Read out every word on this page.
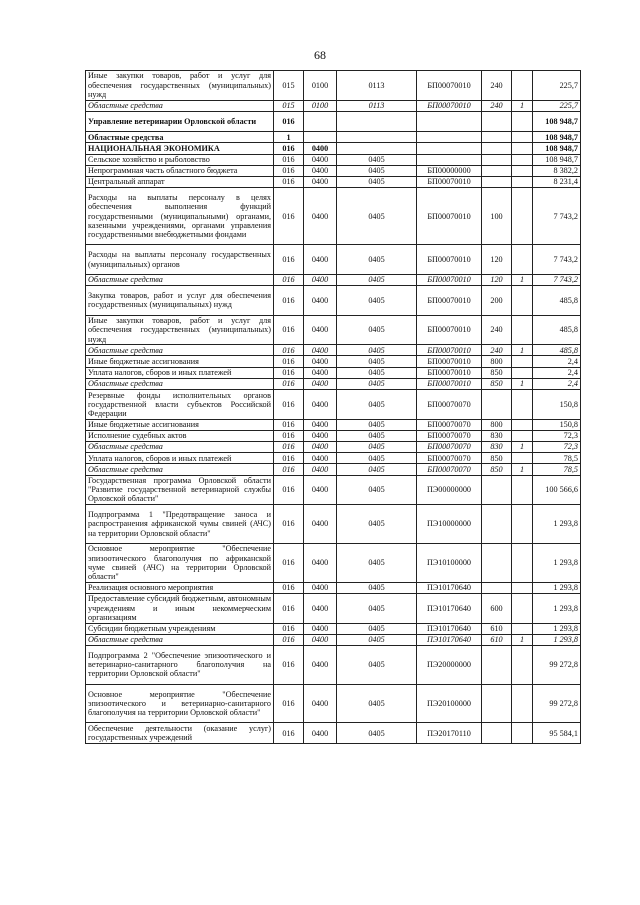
68
Иные закупки товаров, работ и услуг для обеспечения государственных (муниципальных) нужд	015	0100	0113	БП00070010	240		225,7
Областные средства	015	0100	0113	БП00070010	240	1	225,7
Управление ветеринарии Орловской области	016						108 948,7
Областные средства	1						108 948,7
НАЦИОНАЛЬНАЯ ЭКОНОМИКА	016	0400					108 948,7
Сельское хозяйство и рыболовство	016	0400	0405				108 948,7
Непрограммная часть областного бюджета	016	0400	0405	БП00000000			8 382,2
Центральный аппарат	016	0400	0405	БП00070010			8 231,4
Расходы на выплаты персоналу в целях обеспечения выполнения функций государственными (муниципальными) органами, казенными учреждениями, органами управления государственными внебюджетными фондами	016	0400	0405	БП00070010	100		7 743,2
Расходы на выплаты персоналу государственных (муниципальных) органов	016	0400	0405	БП00070010	120		7 743,2
Областные средства	016	0400	0405	БП00070010	120	1	7 743,2
Закупка товаров, работ и услуг для обеспечения государственных (муниципальных) нужд	016	0400	0405	БП00070010	200		485,8
Иные закупки товаров, работ и услуг для обеспечения государственных (муниципальных) нужд	016	0400	0405	БП00070010	240		485,8
Областные средства	016	0400	0405	БП00070010	240	1	485,8
Иные бюджетные ассигнования	016	0400	0405	БП00070010	800		2,4
Уплата налогов, сборов и иных платежей	016	0400	0405	БП00070010	850		2,4
Областные средства	016	0400	0405	БП00070010	850	1	2,4
Резервные фонды исполнительных органов государственной власти субъектов Российской Федерации	016	0400	0405	БП00070070			150,8
Иные бюджетные ассигнования	016	0400	0405	БП00070070	800		150,8
Исполнение судебных актов	016	0400	0405	БП00070070	830		72,3
Областные средства	016	0400	0405	БП00070070	830	1	72,3
Уплата налогов, сборов и иных платежей	016	0400	0405	БП00070070	850		78,5
Областные средства	016	0400	0405	БП00070070	850	1	78,5
Государственная программа Орловской области "Развитие государственной ветеринарной службы Орловской области"	016	0400	0405	ПЭ00000000			100 566,6
Подпрограмма 1 "Предотвращение заноса и распространения африканской чумы свиней (АЧС) на территории Орловской области"	016	0400	0405	ПЭ10000000			1 293,8
Основное мероприятие "Обеспечение эпизоотического благополучия по африканской чуме свиней (АЧС) на территории Орловской области"	016	0400	0405	ПЭ10100000			1 293,8
Реализация основного мероприятия	016	0400	0405	ПЭ10170640			1 293,8
Предоставление субсидий бюджетным, автономным учреждениям и иным некоммерческим организациям	016	0400	0405	ПЭ10170640	600		1 293,8
Субсидии бюджетным учреждениям	016	0400	0405	ПЭ10170640	610		1 293,8
Областные средства	016	0400	0405	ПЭ10170640	610	1	1 293,8
Подпрограмма 2 "Обеспечение эпизоотического и ветеринарно-санитарного благополучия на территории Орловской области"	016	0400	0405	ПЭ20000000			99 272,8
Основное мероприятие "Обеспечение эпизоотического и ветеринарно-санитарного благополучия на территории Орловской области"	016	0400	0405	ПЭ20100000			99 272,8
Обеспечение деятельности (оказание услуг) государственных учреждений	016	0400	0405	ПЭ20170110			95 584,1
